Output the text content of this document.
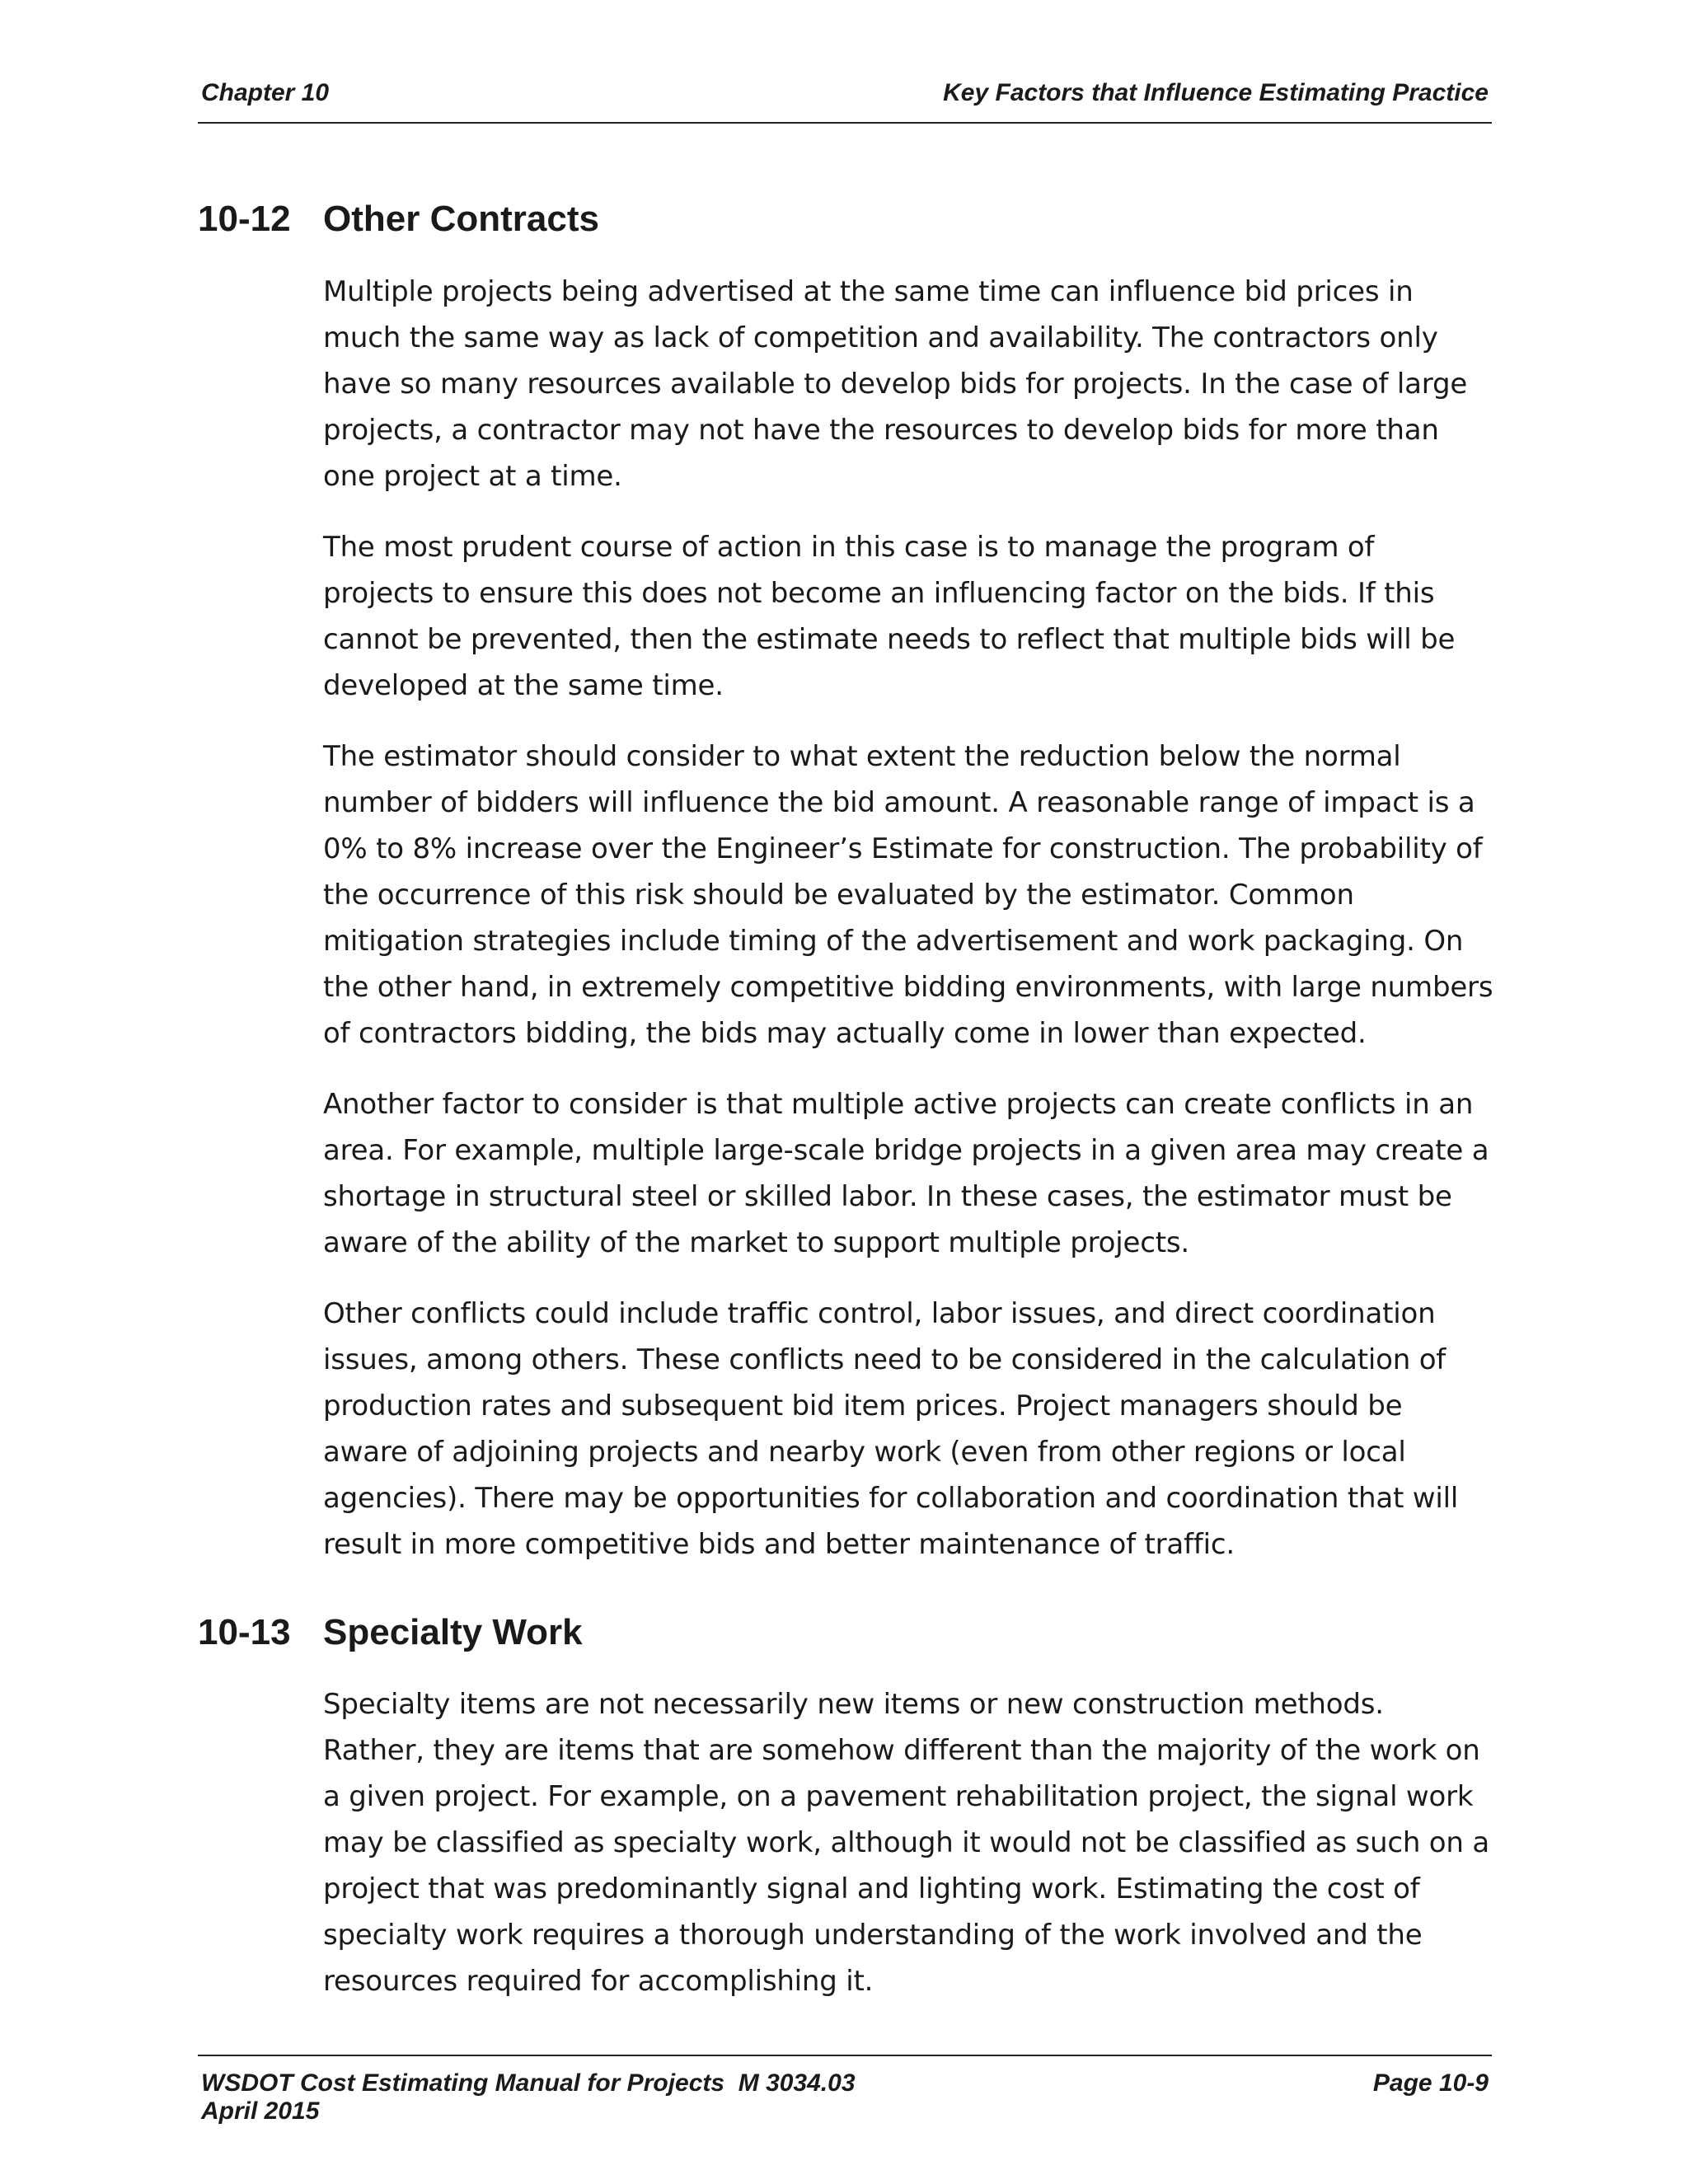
Chapter 10	Key Factors that Influence Estimating Practice
10-12 Other Contracts

Multiple projects being advertised at the same time can influence bid prices in much the same way as lack of competition and availability. The contractors only have so many resources available to develop bids for projects. In the case of large projects, a contractor may not have the resources to develop bids for more than one project at a time.

The most prudent course of action in this case is to manage the program of projects to ensure this does not become an influencing factor on the bids. If this cannot be prevented, then the estimate needs to reflect that multiple bids will be developed at the same time.

The estimator should consider to what extent the reduction below the normal number of bidders will influence the bid amount. A reasonable range of impact is a 0% to 8% increase over the Engineer’s Estimate for construction. The probability of the occurrence of this risk should be evaluated by the estimator. Common mitigation strategies include timing of the advertisement and work packaging. On the other hand, in extremely competitive bidding environments, with large numbers of contractors bidding, the bids may actually come in lower than expected.

Another factor to consider is that multiple active projects can create conflicts in an area. For example, multiple large-scale bridge projects in a given area may create a shortage in structural steel or skilled labor. In these cases, the estimator must be aware of the ability of the market to support multiple projects.

Other conflicts could include traffic control, labor issues, and direct coordination issues, among others. These conflicts need to be considered in the calculation of production rates and subsequent bid item prices. Project managers should be aware of adjoining projects and nearby work (even from other regions or local agencies). There may be opportunities for collaboration and coordination that will result in more competitive bids and better maintenance of traffic.

10-13 Specialty Work

Specialty items are not necessarily new items or new construction methods. Rather, they are items that are somehow different than the majority of the work on a given project. For example, on a pavement rehabilitation project, the signal work may be classified as specialty work, although it would not be classified as such on a project that was predominantly signal and lighting work. Estimating the cost of specialty work requires a thorough understanding of the work involved and the resources required for accomplishing it.

WSDOT Cost Estimating Manual for Projects  M 3034.03
April 2015
Page 10-9
